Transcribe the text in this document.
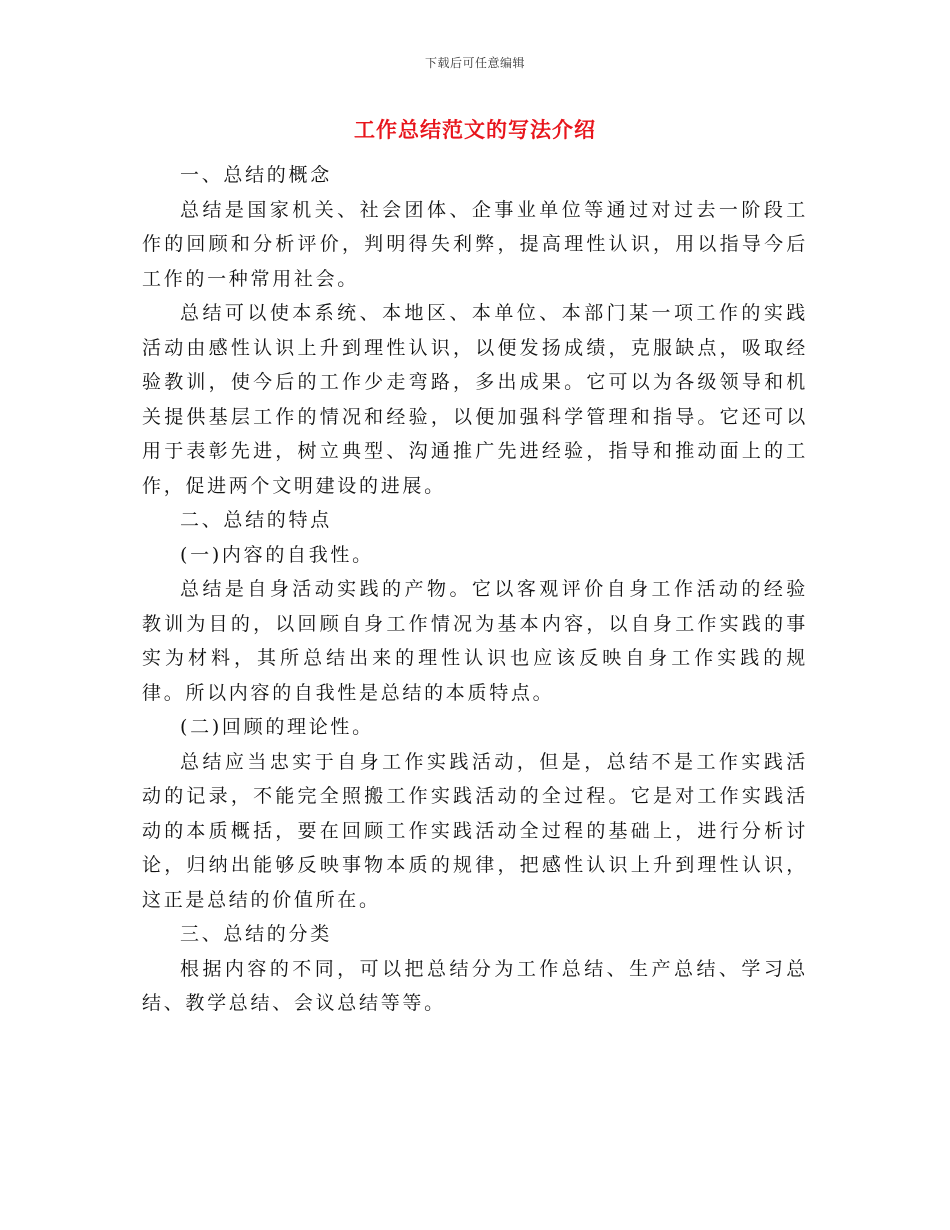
下载后可任意编辑
工作总结范文的写法介绍

一、总结的概念

总结是国家机关、社会团体、企事业单位等通过对过去一阶段工作的回顾和分析评价，判明得失利弊，提高理性认识，用以指导今后工作的一种常用社会。

总结可以使本系统、本地区、本单位、本部门某一项工作的实践活动由感性认识上升到理性认识，以便发扬成绩，克服缺点，吸取经验教训，使今后的工作少走弯路，多出成果。它可以为各级领导和机关提供基层工作的情况和经验，以便加强科学管理和指导。它还可以用于表彰先进，树立典型、沟通推广先进经验，指导和推动面上的工作，促进两个文明建设的进展。

二、总结的特点

(一)内容的自我性。

总结是自身活动实践的产物。它以客观评价自身工作活动的经验教训为目的，以回顾自身工作情况为基本内容，以自身工作实践的事实为材料，其所总结出来的理性认识也应该反映自身工作实践的规律。所以内容的自我性是总结的本质特点。

(二)回顾的理论性。

总结应当忠实于自身工作实践活动，但是，总结不是工作实践活动的记录，不能完全照搬工作实践活动的全过程。它是对工作实践活动的本质概括，要在回顾工作实践活动全过程的基础上，进行分析讨论，归纳出能够反映事物本质的规律，把感性认识上升到理性认识，这正是总结的价值所在。

三、总结的分类

根据内容的不同，可以把总结分为工作总结、生产总结、学习总结、教学总结、会议总结等等。
